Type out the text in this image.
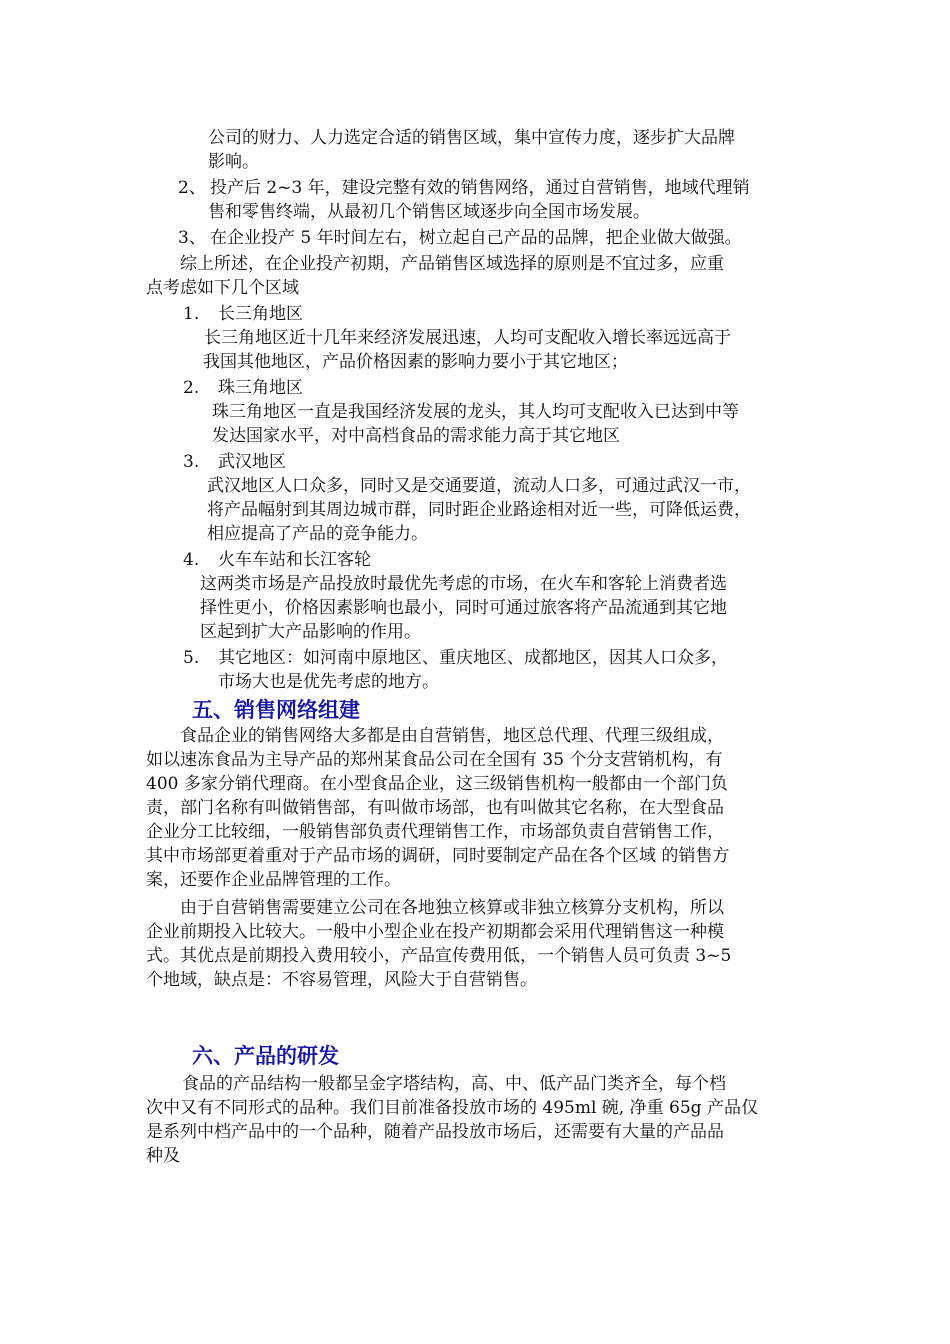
公司的财力、人力选定合适的销售区域，集中宣传力度，逐步扩大品牌
影响。
2、 投产后 2~3 年，建设完整有效的销售网络，通过自营销售，地域代理销
售和零售终端，从最初几个销售区域逐步向全国市场发展。
3、 在企业投产 5 年时间左右，树立起自己产品的品牌，把企业做大做强。
综上所述，在企业投产初期，产品销售区域选择的原则是不宜过多，应重
点考虑如下几个区域
1. 长三角地区
长三角地区近十几年来经济发展迅速，人均可支配收入增长率远远高于
我国其他地区，产品价格因素的影响力要小于其它地区；
2. 珠三角地区
珠三角地区一直是我国经济发展的龙头，其人均可支配收入已达到中等
发达国家水平，对中高档食品的需求能力高于其它地区
3. 武汉地区
武汉地区人口众多，同时又是交通要道，流动人口多，可通过武汉一市，
将产品幅射到其周边城市群，同时距企业路途相对近一些，可降低运费，
相应提高了产品的竞争能力。
4. 火车车站和长江客轮
这两类市场是产品投放时最优先考虑的市场，在火车和客轮上消费者选
择性更小，价格因素影响也最小，同时可通过旅客将产品流通到其它地
区起到扩大产品影响的作用。
5. 其它地区：如河南中原地区、重庆地区、成都地区，因其人口众多，
市场大也是优先考虑的地方。
五、销售网络组建
食品企业的销售网络大多都是由自营销售，地区总代理、代理三级组成，
如以速冻食品为主导产品的郑州某食品公司在全国有 35 个分支营销机构，有
400 多家分销代理商。在小型食品企业，这三级销售机构一般都由一个部门负
责，部门名称有叫做销售部，有叫做市场部，也有叫做其它名称，在大型食品
企业分工比较细，一般销售部负责代理销售工作，市场部负责自营销售工作，
其中市场部更着重对于产品市场的调研，同时要制定产品在各个区域 的销售方
案，还要作企业品牌管理的工作。
由于自营销售需要建立公司在各地独立核算或非独立核算分支机构，所以
企业前期投入比较大。一般中小型企业在投产初期都会采用代理销售这一种模
式。其优点是前期投入费用较小，产品宣传费用低，一个销售人员可负责 3~5
个地域，缺点是：不容易管理，风险大于自营销售。
六、产品的研发
食品的产品结构一般都呈金字塔结构，高、中、低产品门类齐全，每个档
次中又有不同形式的品种。我们目前准备投放市场的 495ml 碗, 净重 65g 产品仅
是系列中档产品中的一个品种，随着产品投放市场后，还需要有大量的产品品
种及
